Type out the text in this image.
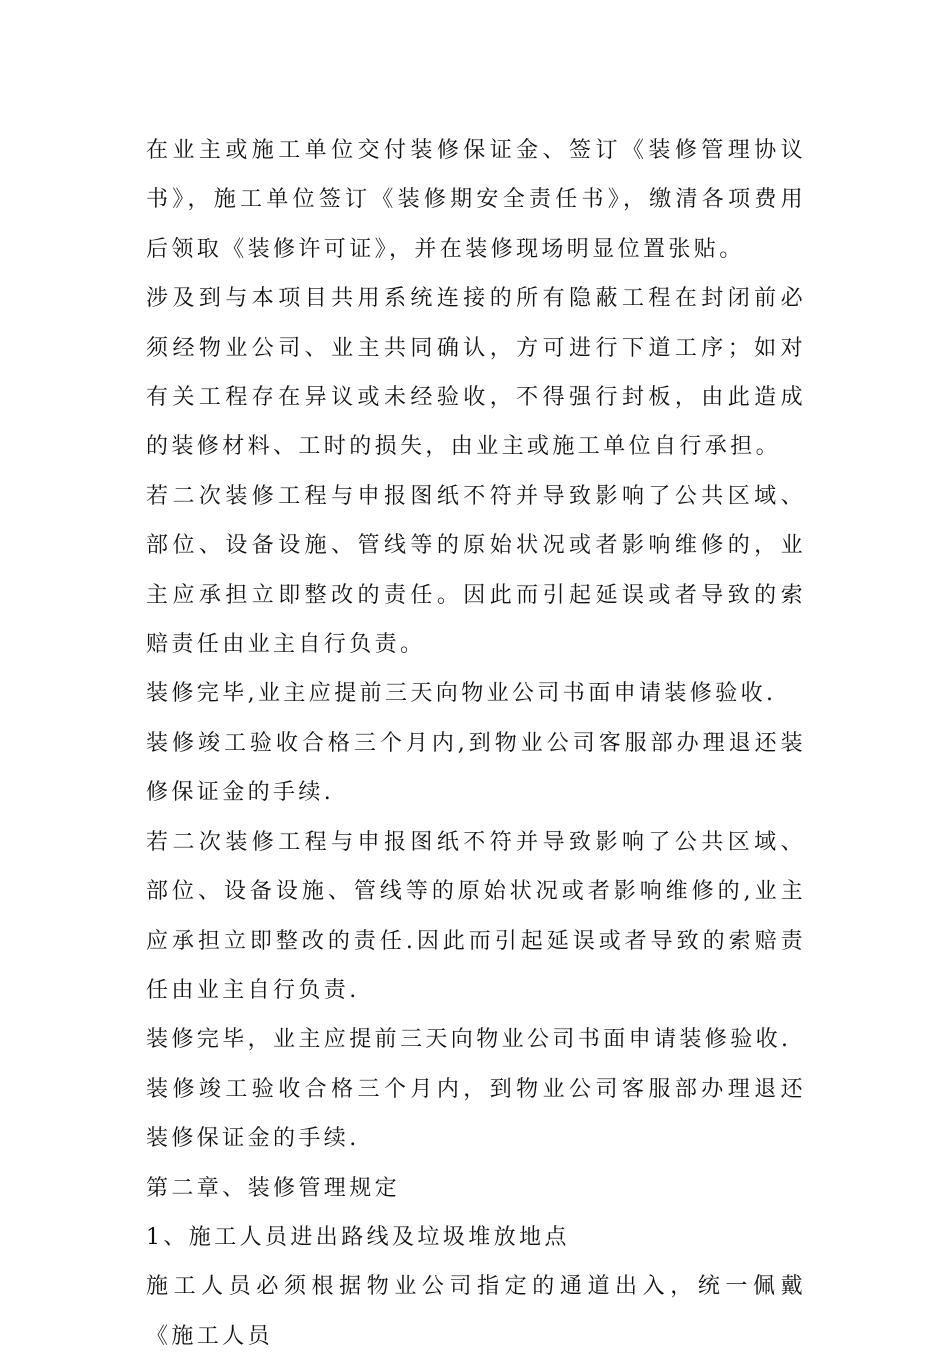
在业主或施工单位交付装修保证金、签订《装修管理协议书》，施工单位签订《装修期安全责任书》，缴清各项费用后领取《装修许可证》，并在装修现场明显位置张贴。

涉及到与本项目共用系统连接的所有隐蔽工程在封闭前必须经物业公司、业主共同确认，方可进行下道工序；如对有关工程存在异议或未经验收，不得强行封板，由此造成的装修材料、工时的损失，由业主或施工单位自行承担。

若二次装修工程与申报图纸不符并导致影响了公共区域、部位、设备设施、管线等的原始状况或者影响维修的，业主应承担立即整改的责任。因此而引起延误或者导致的索赔责任由业主自行负责。

装修完毕,业主应提前三天向物业公司书面申请装修验收.

装修竣工验收合格三个月内,到物业公司客服部办理退还装修保证金的手续.

若二次装修工程与申报图纸不符并导致影响了公共区域、部位、设备设施、管线等的原始状况或者影响维修的,业主应承担立即整改的责任.因此而引起延误或者导致的索赔责任由业主自行负责.

装修完毕，业主应提前三天向物业公司书面申请装修验收.

装修竣工验收合格三个月内，到物业公司客服部办理退还装修保证金的手续.

第二章、装修管理规定

1、施工人员进出路线及垃圾堆放地点

施工人员必须根据物业公司指定的通道出入，统一佩戴《施工人员
